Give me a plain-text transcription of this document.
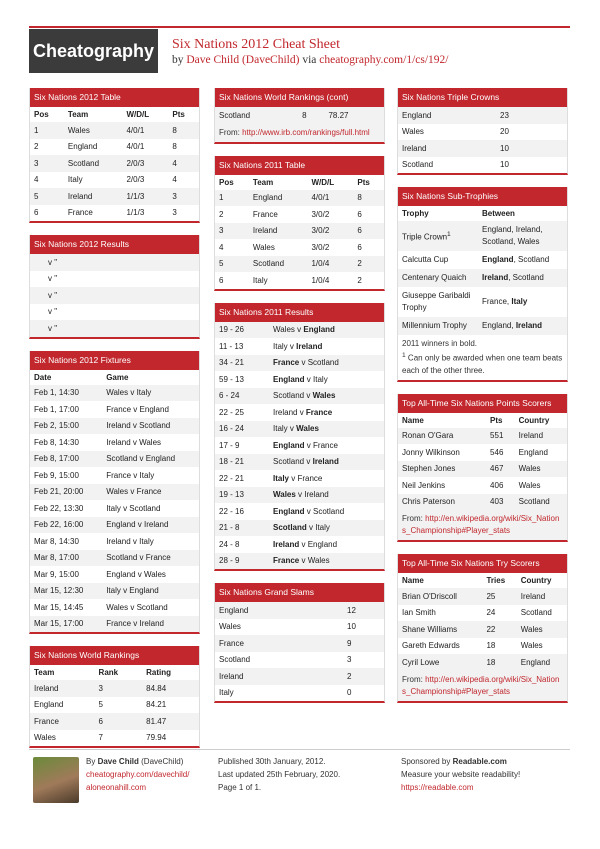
Cheatography Six Nations 2012 Cheat Sheet
by Dave Child (DaveChild) via cheatography.com/1/cs/192/
Six Nations 2012 Table
Pos	Team	W/D/L	Pts
1	Wales	4/0/1	8
2	England	4/0/1	8
3	Scotland	2/0/3	4
4	Italy	2/0/3	4
5	Ireland	1/1/3	3
6	France	1/1/3	3
Six Nations 2012 Results
v "
v "
v "
v "
v "
Six Nations 2012 Fixtures
Date	Game
Feb 1, 14:30	Wales v Italy
Feb 1, 17:00	France v England
Feb 2, 15:00	Ireland v Scotland
Feb 8, 14:30	Ireland v Wales
Feb 8, 17:00	Scotland v England
Feb 9, 15:00	France v Italy
Feb 21, 20:00	Wales v France
Feb 22, 13:30	Italy v Scotland
Feb 22, 16:00	England v Ireland
Mar 8, 14:30	Ireland v Italy
Mar 8, 17:00	Scotland v France
Mar 9, 15:00	England v Wales
Mar 15, 12:30	Italy v England
Mar 15, 14:45	Wales v Scotland
Mar 15, 17:00	France v Ireland
Six Nations World Rankings
Team	Rank	Rating
Ireland	3	84.84
England	5	84.21
France	6	81.47
Wales	7	79.94
Six Nations World Rankings (cont)
Scotland	8	78.27
From: http://www.irb.com/rankings/full.html
Six Nations 2011 Table
Pos	Team	W/D/L	Pts
1	England	4/0/1	8
2	France	3/0/2	6
3	Ireland	3/0/2	6
4	Wales	3/0/2	6
5	Scotland	1/0/4	2
6	Italy	1/0/4	2
Six Nations 2011 Results
19 - 26	Wales v England
11 - 13	Italy v Ireland
34 - 21	France v Scotland
59 - 13	England v Italy
6 - 24	Scotland v Wales
22 - 25	Ireland v France
16 - 24	Italy v Wales
17 - 9	England v France
18 - 21	Scotland v Ireland
22 - 21	Italy v France
19 - 13	Wales v Ireland
22 - 16	England v Scotland
21 - 8	Scotland v Italy
24 - 8	Ireland v England
28 - 9	France v Wales
Six Nations Grand Slams
England	12
Wales	10
France	9
Scotland	3
Ireland	2
Italy	0
Six Nations Triple Crowns
England	23
Wales	20
Ireland	10
Scotland	10
Six Nations Sub-Trophies
Trophy	Between
Triple Crown$^1$	England, Ireland, Scotland, Wales
Calcutta Cup	England, Scotland
Centenary Quaich	Ireland, Scotland
Giuseppe Garibaldi Trophy	France, Italy
Millennium Trophy	England, Ireland
2011 winners in bold.
$^1$ Can only be awarded when one team beats each of the other three.
Top All-Time Six Nations Points Scorers
Name	Pts	Country
Ronan O'Gara	551	Ireland
Jonny Wilkinson	546	England
Stephen Jones	467	Wales
Neil Jenkins	406	Wales
Chris Paterson	403	Scotland
From: http://en.wikipedia.org/wiki/Six_Nations_Championship#Player_stats
Top All-Time Six Nations Try Scorers
Name	Tries	Country
Brian O'Driscoll	25	Ireland
Ian Smith	24	Scotland
Shane Williams	22	Wales
Gareth Edwards	18	Wales
Cyril Lowe	18	England
From: http://en.wikipedia.org/wiki/Six_Nations_Championship#Player_stats
By Dave Child (DaveChild)
cheatography.com/davechild/
aloneonahill.com
Published 30th January, 2012.
Last updated 25th February, 2020.
Page 1 of 1.
Sponsored by Readable.com
Measure your website readability!
https://readable.com
